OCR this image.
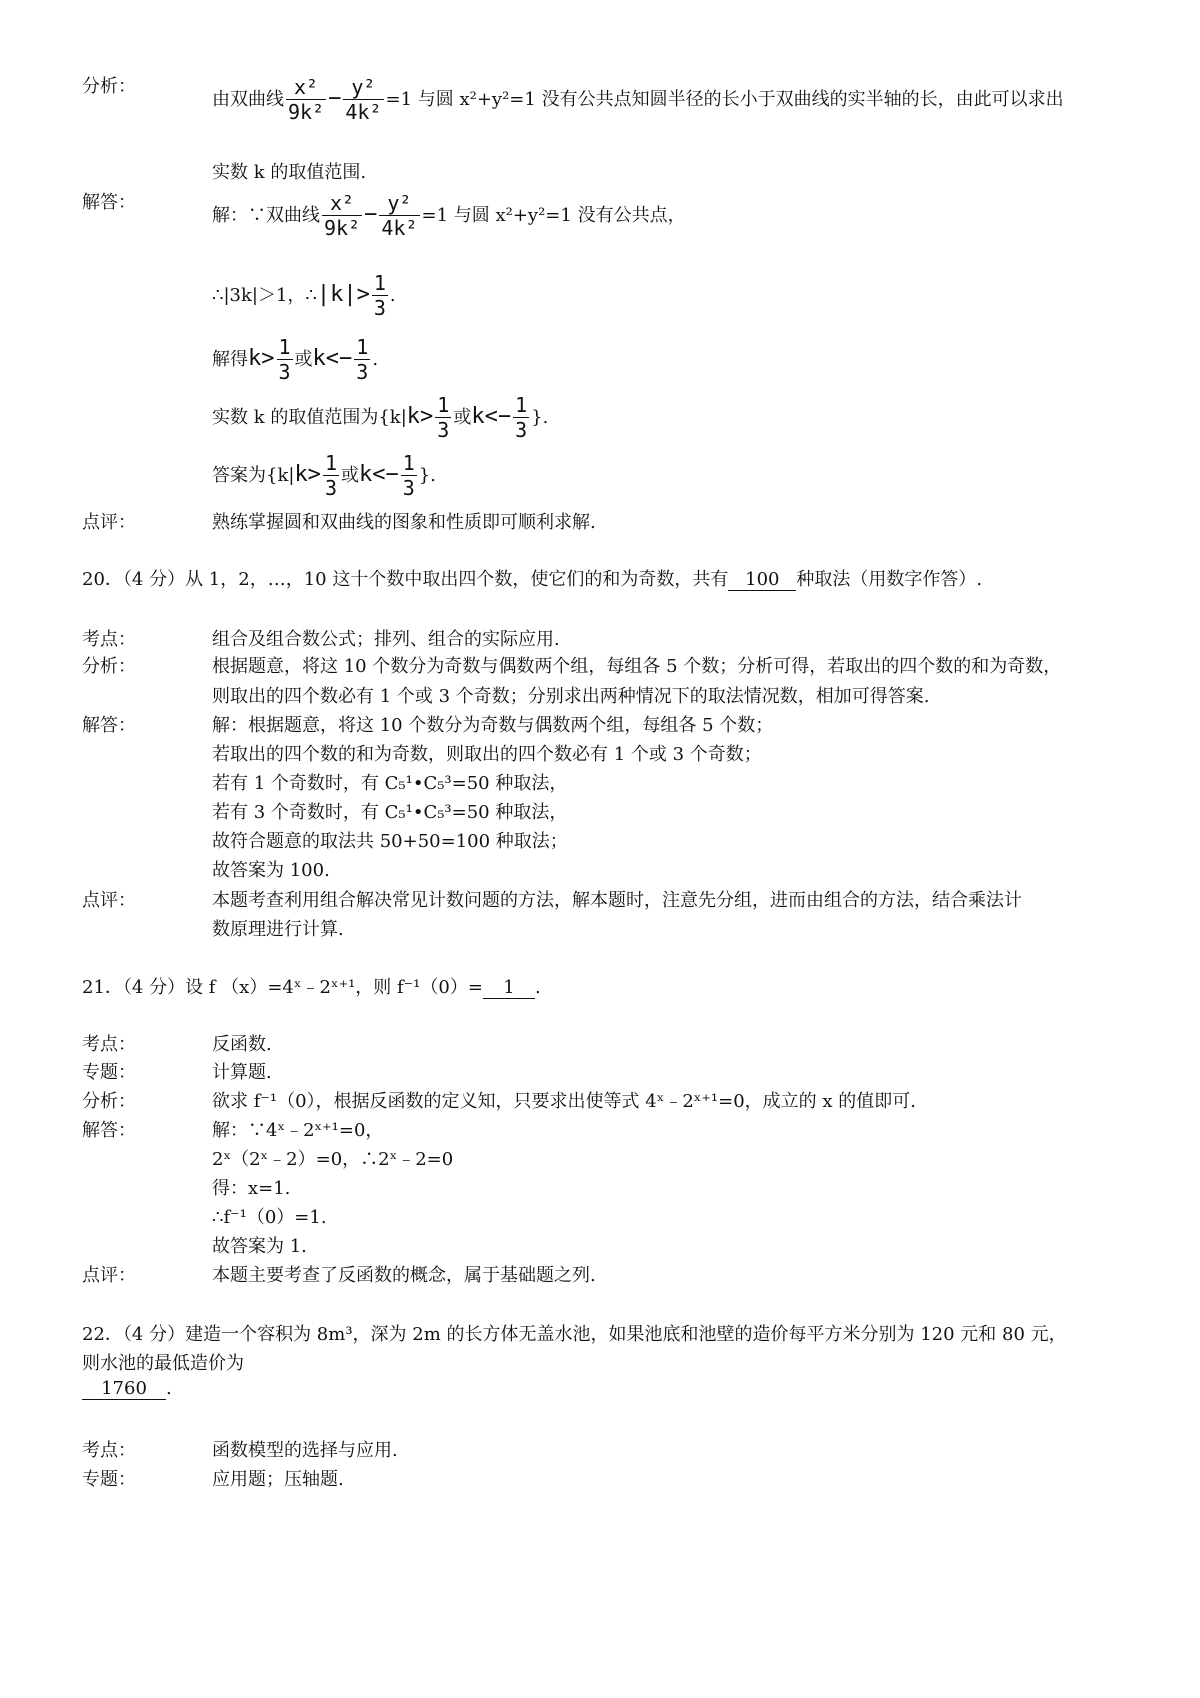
分析：
由双曲线 $\frac{\text{x²}}{\text{9k²}} - \frac{\text{y²}}{\text{4k²}} =1$ 与圆 x²+y²=1 没有公共点知圆半径的长小于双曲线的实半轴的长，由此可以求出
实数 k 的取值范围.
解答：
解：∵双曲线 $\frac{\text{x²}}{\text{9k²}} - \frac{\text{y²}}{\text{4k²}} =1$ 与圆 x²+y²=1 没有公共点，
∴|3k|＞1，∴|k|> $\frac{1}{3}$ .
解得$k> \frac{1}{3}$ 或$k<- \frac{1}{3}$ .
实数 k 的取值范围为{$k|k> \frac{1}{3}$ 或$k<- \frac{1}{3}$ }.
答案为{$k|k> \frac{1}{3}$ 或$k<- \frac{1}{3}$ }.
点评：	熟练掌握圆和双曲线的图象和性质即可顺利求解.
20．（4 分）从 1，2，…，10 这十个数中取出四个数，使它们的和为奇数，共有 100 种取法（用数字作答）.
考点：	组合及组合数公式；排列、组合的实际应用.
分析：	根据题意，将这 10 个数分为奇数与偶数两个组，每组各 5 个数；分析可得，若取出的四个数的和为奇数，
则取出的四个数必有 1 个或 3 个奇数；分别求出两种情况下的取法情况数，相加可得答案.
解答：	解：根据题意，将这 10 个数分为奇数与偶数两个组，每组各 5 个数；
若取出的四个数的和为奇数，则取出的四个数必有 1 个或 3 个奇数；
若有 1 个奇数时，有 C₅¹•C₅³=50 种取法，
若有 3 个奇数时，有 C₅¹•C₅³=50 种取法，
故符合题意的取法共 50+50=100 种取法；
故答案为 100.
点评：	本题考查利用组合解决常见计数问题的方法，解本题时，注意先分组，进而由组合的方法，结合乘法计
数原理进行计算.
21．（4 分）设 f （x）=4ˣ﹣2ˣ⁺¹，则 f⁻¹（0）= 1 .
考点：	反函数.
专题：	计算题.
分析：	欲求 f⁻¹（0），根据反函数的定义知，只要求出使等式 4ˣ﹣2ˣ⁺¹=0，成立的 x 的值即可.
解答：	解：∵4ˣ﹣2ˣ⁺¹=0，
2ˣ（2ˣ﹣2）=0，∴2ˣ﹣2=0
得：x=1.
∴f⁻¹（0）=1.
故答案为 1.
点评：	本题主要考查了反函数的概念，属于基础题之列.
22．（4 分）建造一个容积为 8m³，深为 2m 的长方体无盖水池，如果池底和池壁的造价每平方米分别为 120 元和 80 元，
则水池的最低造价为
1760 .
考点：	函数模型的选择与应用.
专题：	应用题；压轴题.
